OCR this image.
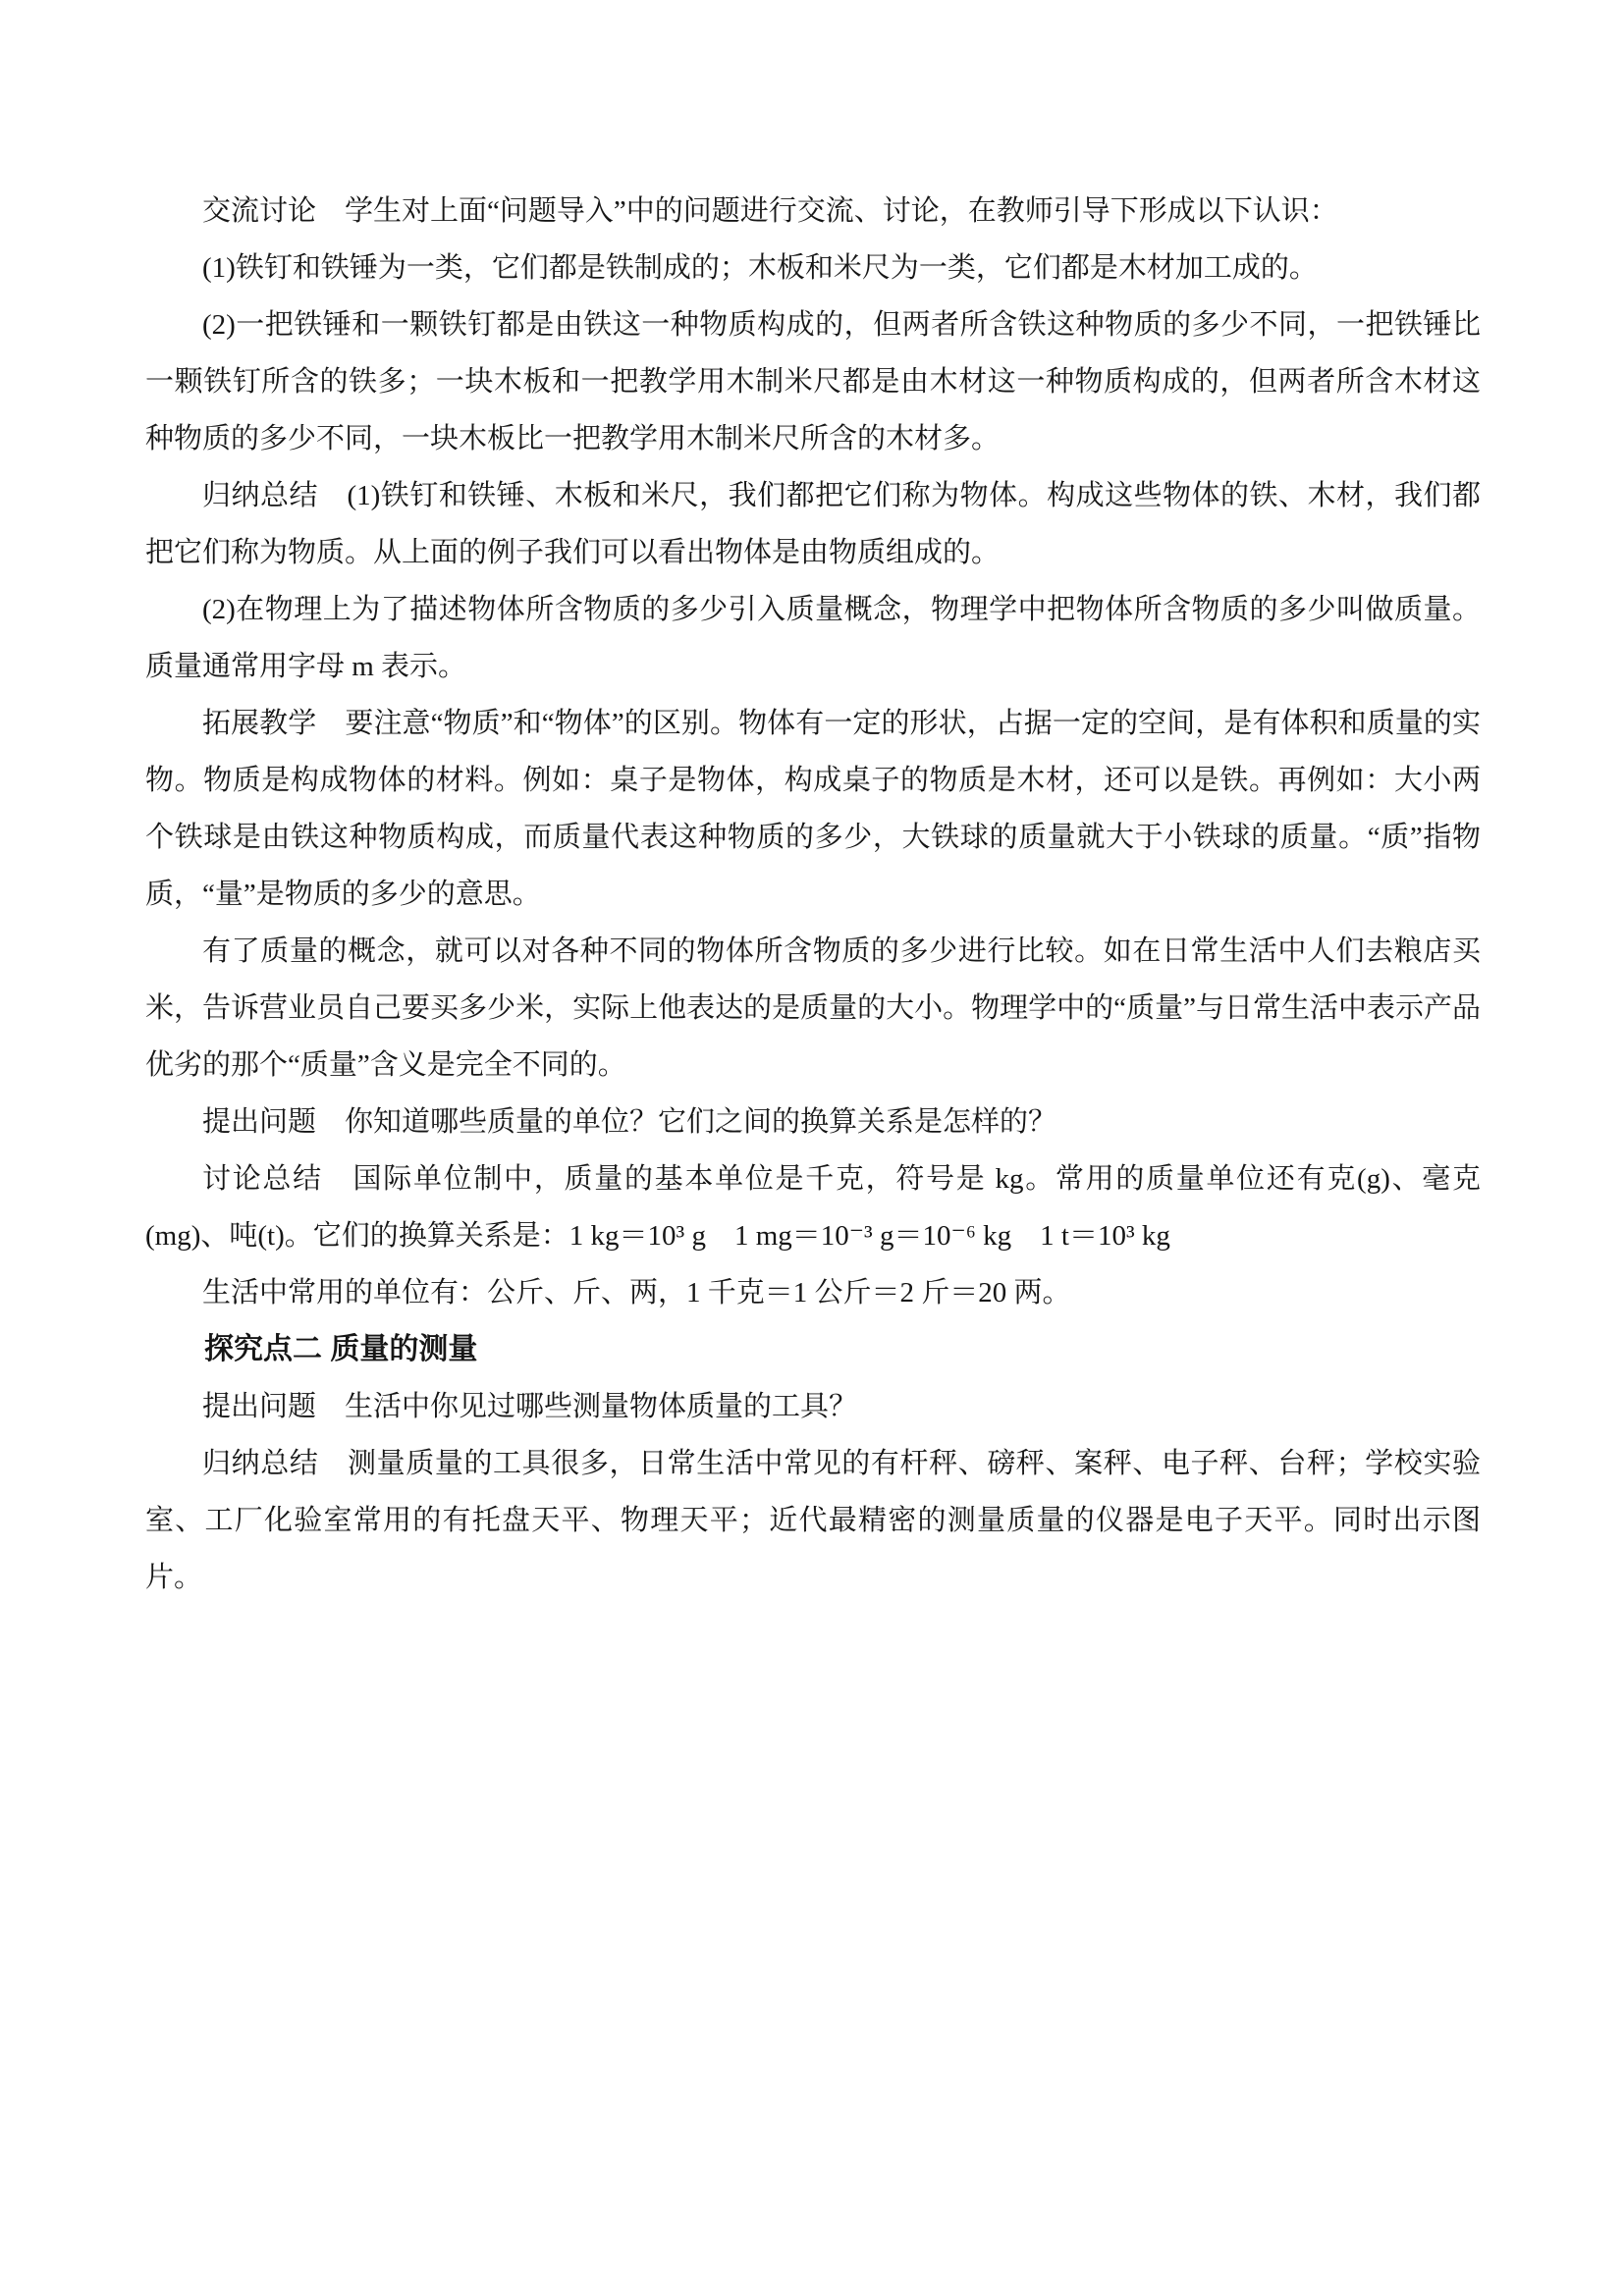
交流讨论　学生对上面“问题导入”中的问题进行交流、讨论，在教师引导下形成以下认识：

(1)铁钉和铁锤为一类，它们都是铁制成的；木板和米尺为一类，它们都是木材加工成的。

(2)一把铁锤和一颗铁钉都是由铁这一种物质构成的，但两者所含铁这种物质的多少不同，一把铁锤比一颗铁钉所含的铁多；一块木板和一把教学用木制米尺都是由木材这一种物质构成的，但两者所含木材这种物质的多少不同，一块木板比一把教学用木制米尺所含的木材多。

归纳总结　(1)铁钉和铁锤、木板和米尺，我们都把它们称为物体。构成这些物体的铁、木材，我们都把它们称为物质。从上面的例子我们可以看出物体是由物质组成的。

(2)在物理上为了描述物体所含物质的多少引入质量概念，物理学中把物体所含物质的多少叫做质量。质量通常用字母 m 表示。

拓展教学　要注意“物质”和“物体”的区别。物体有一定的形状，占据一定的空间，是有体积和质量的实物。物质是构成物体的材料。例如：桌子是物体，构成桌子的物质是木材，还可以是铁。再例如：大小两个铁球是由铁这种物质构成，而质量代表这种物质的多少，大铁球的质量就大于小铁球的质量。“质”指物质，“量”是物质的多少的意思。

有了质量的概念，就可以对各种不同的物体所含物质的多少进行比较。如在日常生活中人们去粮店买米，告诉营业员自己要买多少米，实际上他表达的是质量的大小。物理学中的“质量”与日常生活中表示产品优劣的那个“质量”含义是完全不同的。

提出问题　你知道哪些质量的单位？它们之间的换算关系是怎样的？

讨论总结　国际单位制中，质量的基本单位是千克，符号是 kg。常用的质量单位还有克(g)、毫克(mg)、吨(t)。它们的换算关系是：1 kg＝10³ g　1 mg＝10⁻³ g＝10⁻⁶ kg　1 t＝10³ kg

生活中常用的单位有：公斤、斤、两，1 千克＝1 公斤＝2 斤＝20 两。

探究点二 质量的测量

提出问题　生活中你见过哪些测量物体质量的工具？

归纳总结　测量质量的工具很多，日常生活中常见的有杆秤、磅秤、案秤、电子秤、台秤；学校实验室、工厂化验室常用的有托盘天平、物理天平；近代最精密的测量质量的仪器是电子天平。同时出示图片。
